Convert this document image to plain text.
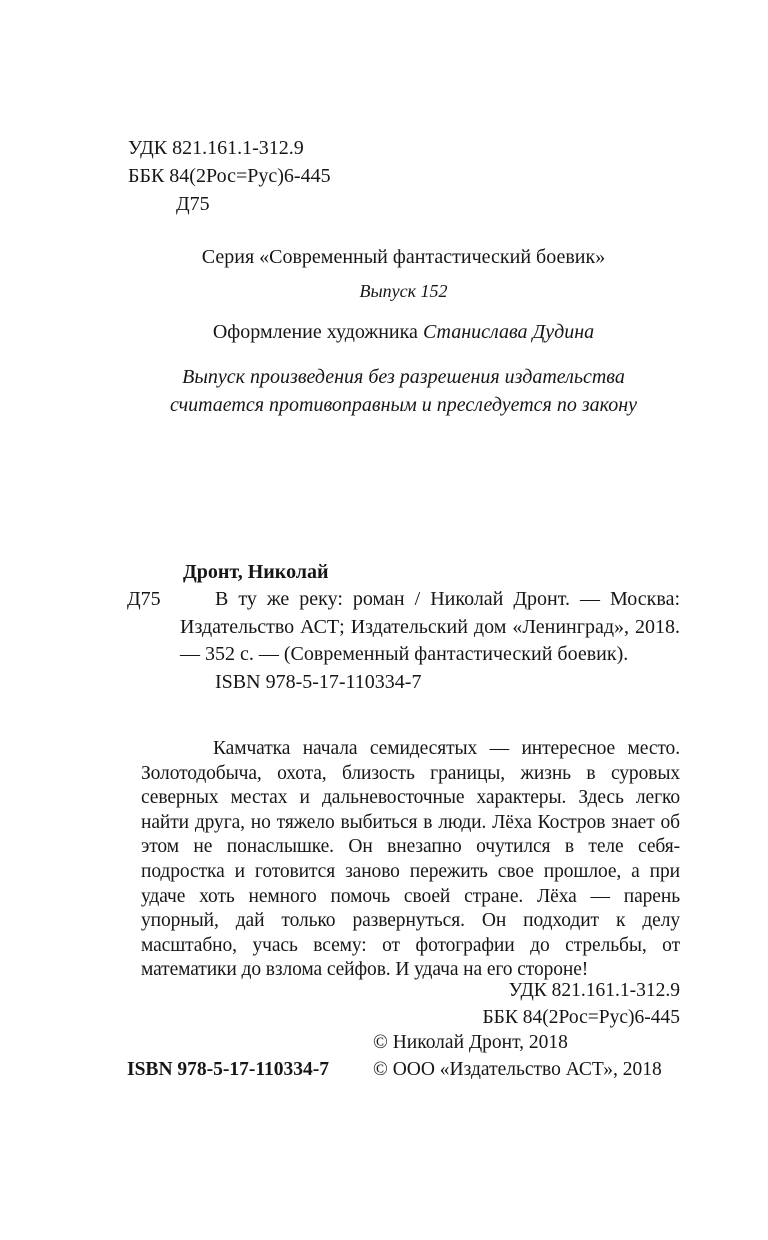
УДК 821.161.1-312.9
ББК 84(2Рос=Рус)6-445
Д75
Серия «Современный фантастический боевик»
Выпуск 152
Оформление художника Станислава Дудина
Выпуск произведения без разрешения издательства считается противоправным и преследуется по закону
Дронт, Николай
Д75	В ту же реку: роман / Николай Дронт. — Москва: Издательство АСТ; Издательский дом «Ленинград», 2018. — 352 с. — (Современный фантастический боевик).

ISBN 978-5-17-110334-7

Камчатка начала семидесятых — интересное место. Золотодобыча, охота, близость границы, жизнь в суровых северных местах и дальневосточные характеры. Здесь легко найти друга, но тяжело выбиться в люди. Лёха Костров знает об этом не понаслышке. Он внезапно очутился в теле себя-подростка и готовится заново пережить свое прошлое, а при удаче хоть немного помочь своей стране. Лёха — парень упорный, дай только развернуться. Он подходит к делу масштабно, учась всему: от фотографии до стрельбы, от математики до взлома сейфов. И удача на его стороне!

УДК 821.161.1-312.9
ББК 84(2Рос=Рус)6-445
ISBN 978-5-17-110334-7
© Николай Дронт, 2018
© ООО «Издательство АСТ», 2018
